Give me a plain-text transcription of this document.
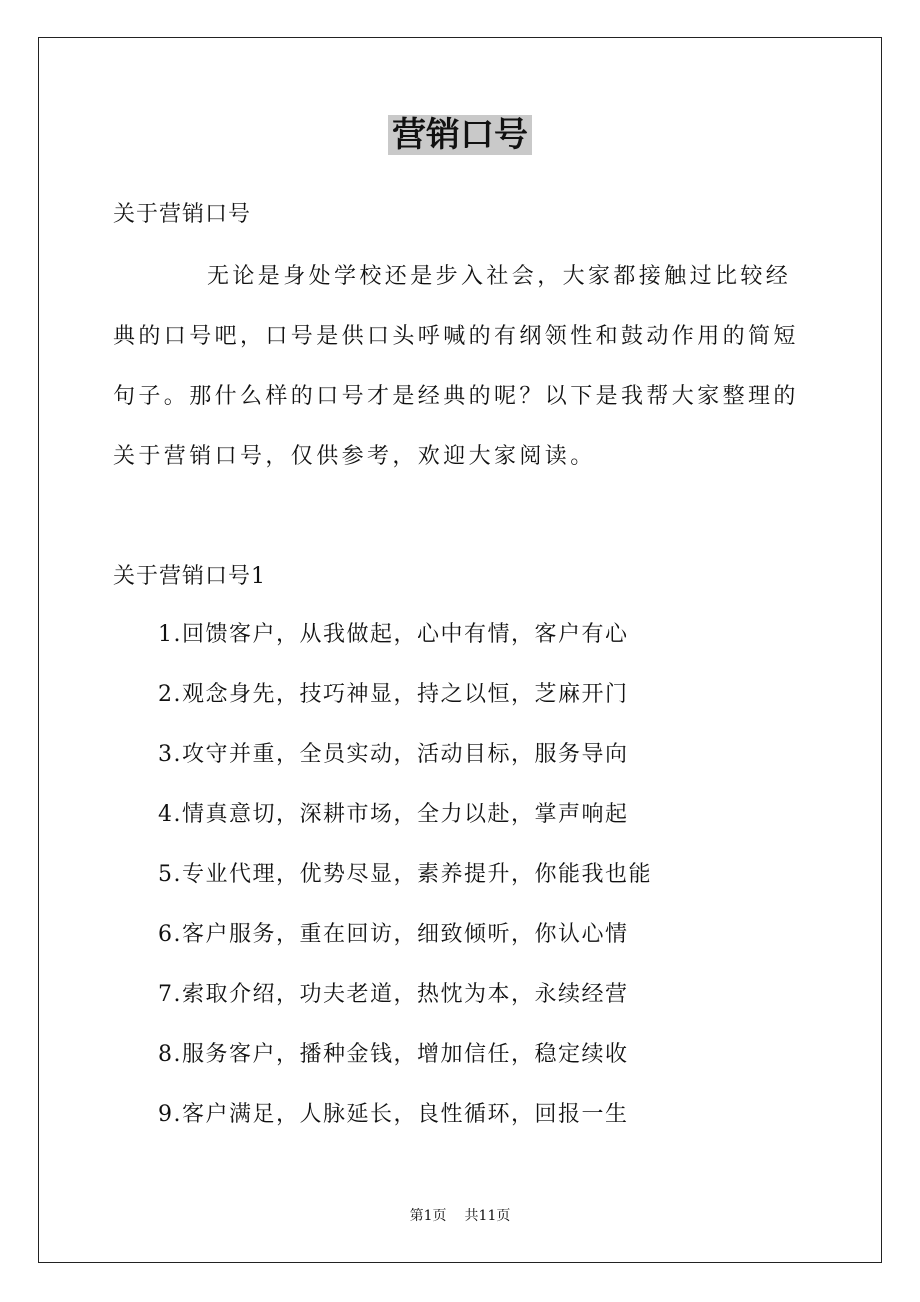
营销口号
关于营销口号
无论是身处学校还是步入社会，大家都接触过比较经典的口号吧，口号是供口头呼喊的有纲领性和鼓动作用的简短句子。那什么样的口号才是经典的呢？以下是我帮大家整理的关于营销口号，仅供参考，欢迎大家阅读。
关于营销口号1
1.回馈客户，从我做起，心中有情，客户有心
2.观念身先，技巧神显，持之以恒，芝麻开门
3.攻守并重，全员实动，活动目标，服务导向
4.情真意切，深耕市场，全力以赴，掌声响起
5.专业代理，优势尽显，素养提升，你能我也能
6.客户服务，重在回访，细致倾听，你认心情
7.索取介绍，功夫老道，热忱为本，永续经营
8.服务客户，播种金钱，增加信任，稳定续收
9.客户满足，人脉延长，良性循环，回报一生
第1页 共11页
